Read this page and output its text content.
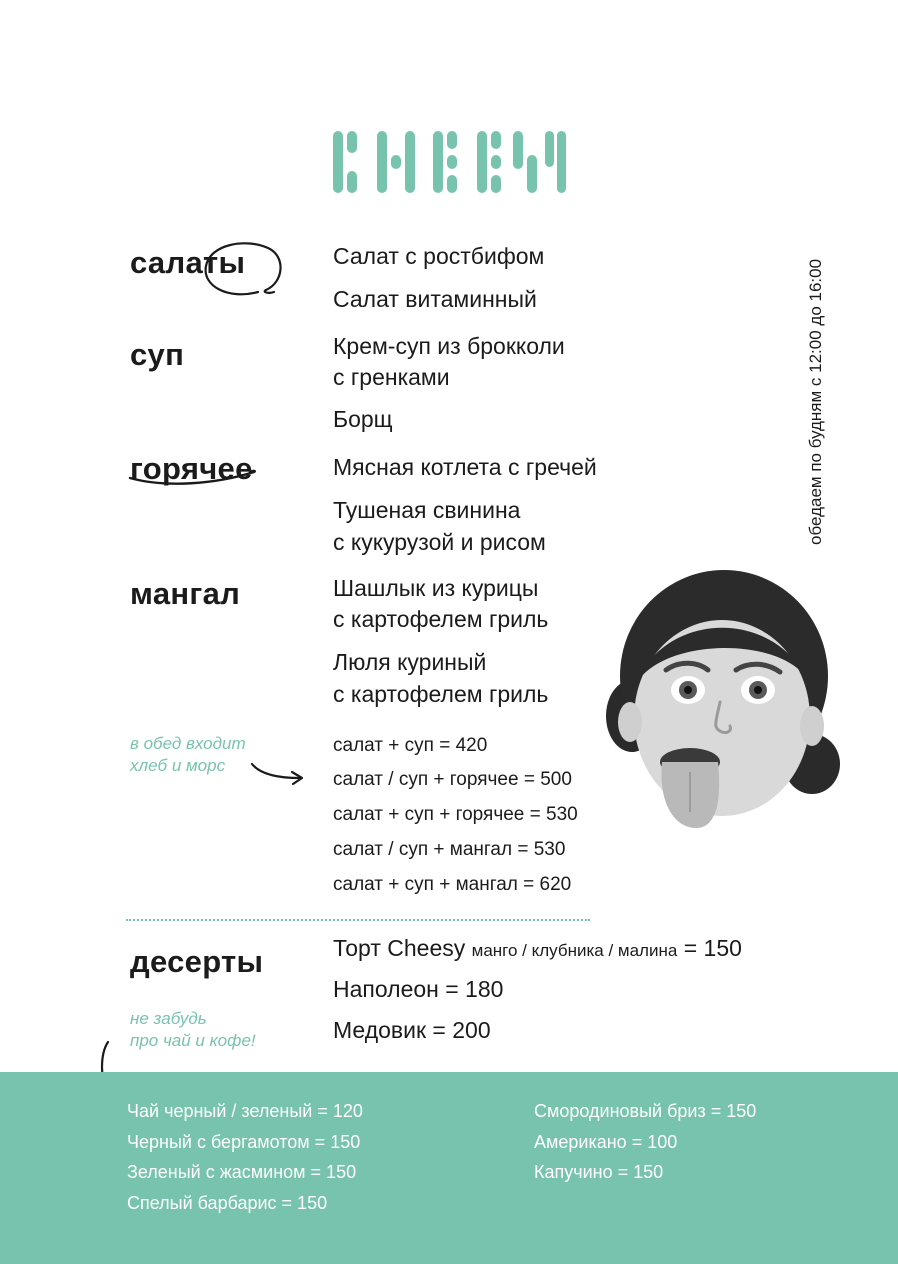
салаты
суп
горячее
мангал
десерты
Салат с ростбифом
Салат витаминный
Крем-суп из брокколи
с гренками
Борщ
Мясная котлета с гречей
Тушеная свинина
с кукурузой и рисом
Шашлык из курицы
с картофелем гриль
Люля куриный
с картофелем гриль
в обед входит
хлеб и морс
салат + суп = 420
салат / суп + горячее = 500
салат + суп + горячее = 530
салат / суп + мангал = 530
салат + суп + мангал = 620
обедаем по будням с 12:00 до 16:00
Торт Cheesy манго / клубника / малина = 150
Наполеон = 180
Медовик = 200
не забудь
про чай и кофе!
Чай черный / зеленый = 120
Черный с бергамотом = 150
Зеленый с жасмином = 150
Спелый барбарис = 150
Смородиновый бриз = 150
Американо = 100
Капучино = 150
